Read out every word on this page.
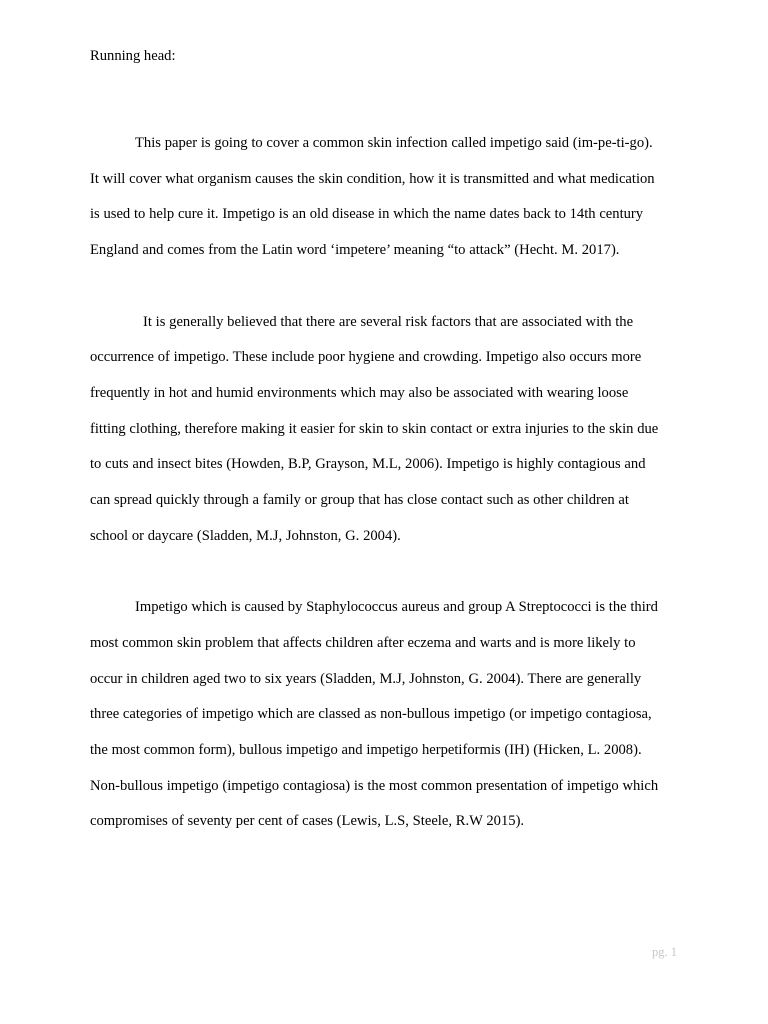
Running head:

This paper is going to cover a common skin infection called impetigo said (im-pe-ti-go).
It will cover what organism causes the skin condition, how it is transmitted and what medication
is used to help cure it. Impetigo is an old disease in which the name dates back to 14th century
England and comes from the Latin word ‘impetere’ meaning “to attack” (Hecht. M. 2017).

It is generally believed that there are several risk factors that are associated with the
occurrence of impetigo. These include poor hygiene and crowding. Impetigo also occurs more
frequently in hot and humid environments which may also be associated with wearing loose
fitting clothing, therefore making it easier for skin to skin contact or extra injuries to the skin due
to cuts and insect bites (Howden, B.P, Grayson, M.L, 2006). Impetigo is highly contagious and
can spread quickly through a family or group that has close contact such as other children at
school or daycare (Sladden, M.J, Johnston, G. 2004).

Impetigo which is caused by Staphylococcus aureus and group A Streptococci is the third
most common skin problem that affects children after eczema and warts and is more likely to
occur in children aged two to six years (Sladden, M.J, Johnston, G. 2004). There are generally
three categories of impetigo which are classed as non-bullous impetigo (or impetigo contagiosa,
the most common form), bullous impetigo and impetigo herpetiformis (IH) (Hicken, L. 2008).
Non-bullous impetigo (impetigo contagiosa) is the most common presentation of impetigo which
compromises of seventy per cent of cases (Lewis, L.S, Steele, R.W 2015).

pg. 1
